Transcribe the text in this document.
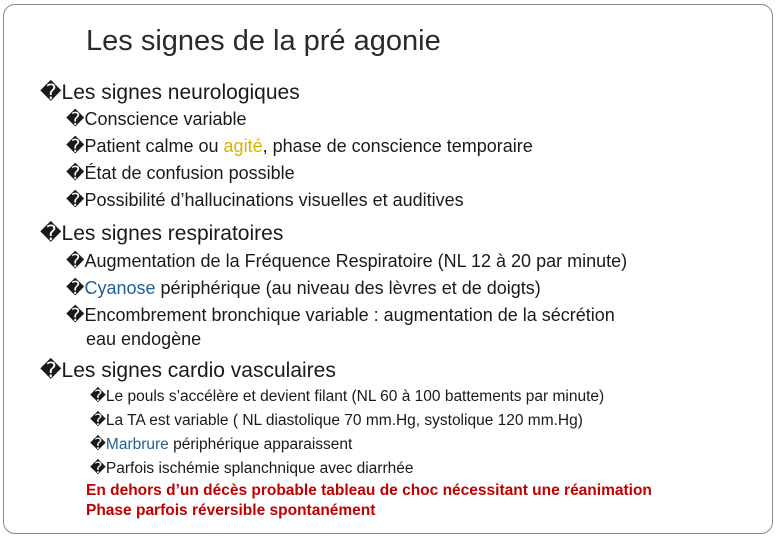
Les signes de la pré agonie
�Les signes neurologiques
�Conscience variable
�Patient calme ou agité, phase de conscience temporaire
�État de confusion possible
�Possibilité d’hallucinations visuelles et auditives
�Les signes respiratoires
�Augmentation de la Fréquence Respiratoire (NL 12 à 20 par minute)
�Cyanose périphérique (au niveau des lèvres et de doigts)
�Encombrement bronchique variable : augmentation de la sécrétion
eau endogène
�Les signes cardio vasculaires
�Le pouls s’accélère et devient filant (NL 60 à 100 battements par minute)
�La TA est variable ( NL diastolique 70 mm.Hg, systolique 120 mm.Hg)
�Marbrure périphérique apparaissent
�Parfois ischémie splanchnique avec diarrhée
En dehors d’un décès probable tableau de choc nécessitant une réanimation
Phase parfois réversible spontanément
